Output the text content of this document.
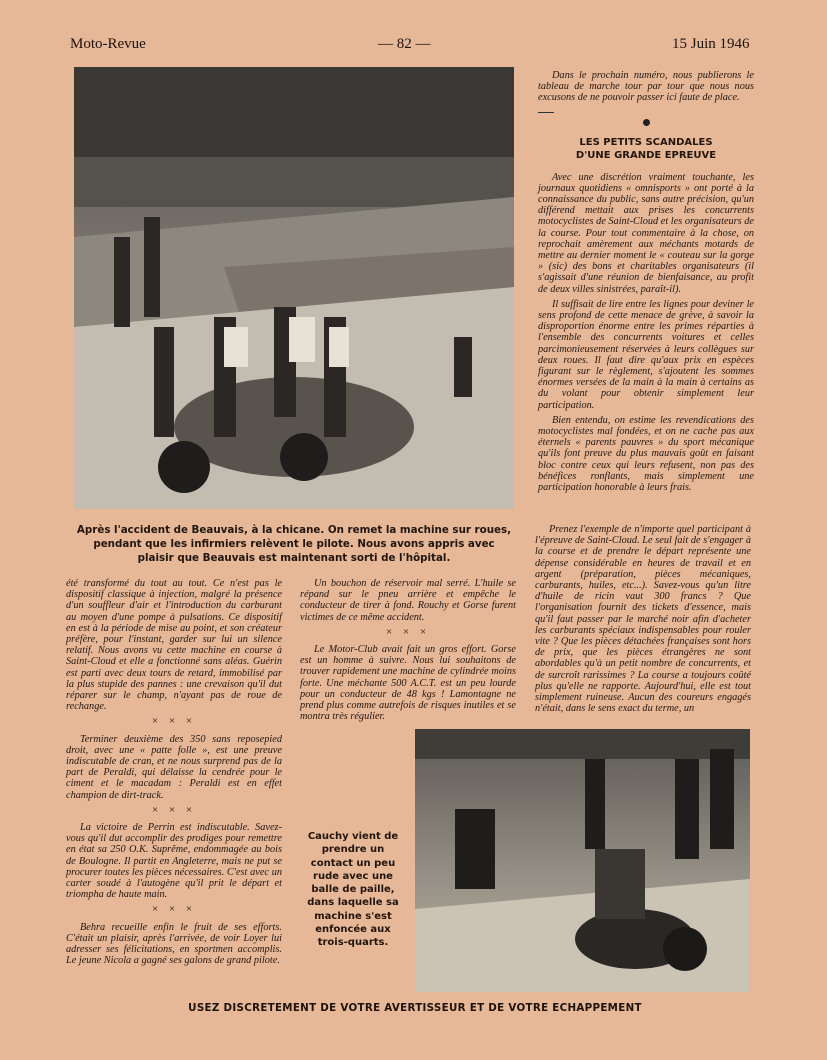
Moto-Revue	— 82 —	15 Juin 1946
Après l'accident de Beauvais, à la chicane. On remet la machine sur roues, pendant que les infirmiers relèvent le pilote. Nous avons appris avec plaisir que Beauvais est maintenant sorti de l'hôpital.

Dans le prochain numéro, nous publierons le tableau de marche tour par tour que nous nous excusons de ne pouvoir passer ici faute de place.

LES PETITS SCANDALES
D'UNE GRANDE EPREUVE

Avec une discrétion vraiment touchante, les journaux quotidiens « omnisports » ont porté à la connaissance du public, sans autre précision, qu'un différend mettait aux prises les concurrents motocyclistes de Saint-Cloud et les organisateurs de la course. Pour tout commentaire à la chose, on reprochait amèrement aux méchants motards de mettre au dernier moment le « couteau sur la gorge » (sic) des bons et charitables organisateurs (il s'agissait d'une réunion de bienfaisance, au profit de deux villes sinistrées, paraît-il).

Il suffisait de lire entre les lignes pour deviner le sens profond de cette menace de grève, à savoir la disproportion énorme entre les primes réparties à l'ensemble des concurrents voitures et celles parcimonieusement réservées à leurs collègues sur deux roues. Il faut dire qu'aux prix en espèces figurant sur le règlement, s'ajoutent les sommes énormes versées de la main à la main à certains as du volant pour obtenir simplement leur participation.

Bien entendu, on estime les revendications des motocyclistes mal fondées, et on ne cache pas aux éternels « parents pauvres » du sport mécanique qu'ils font preuve du plus mauvais goût en faisant bloc contre ceux qui leurs refusent, non pas des bénéfices ronflants, mais simplement une participation honorable à leurs frais.

été transformé du tout au tout. Ce n'est pas le dispositif classique à injection, malgré la présence d'un souffleur d'air et l'introduction du carburant au moyen d'une pompe à pulsations. Ce dispositif en est à la période de mise au point, et son créateur préfère, pour l'instant, garder sur lui un silence relatif. Nous avons vu cette machine en course à Saint-Cloud et elle a fonctionné sans aléas. Guérin est parti avec deux tours de retard, immobilisé par la plus stupide des pannes : une crevaison qu'il dut réparer sur le champ, n'ayant pas de roue de rechange.

× × ×

Terminer deuxième des 350 sans reposepied droit, avec une « patte folle », est une preuve indiscutable de cran, et ne nous surprend pas de la part de Peraldi, qui délaisse la cendrée pour le ciment et le macadam : Peraldi est en effet champion de dirt-track.

× × ×

La victoire de Perrin est indiscutable. Savez-vous qu'il dut accomplir des prodiges pour remettre en état sa 250 O.K. Suprême, endommagée au bois de Boulogne. Il partit en Angleterre, mais ne put se procurer toutes les pièces nécessaires. C'est avec un carter soudé à l'autogène qu'il prit le départ et triompha de haute main.

× × ×

Behra recueille enfin le fruit de ses efforts. C'était un plaisir, après l'arrivée, de voir Loyer lui adresser ses félicitations, en sportmen accomplis. Le jeune Nicola a gagné ses galons de grand pilote.

Un bouchon de réservoir mal serré. L'huile se répand sur le pneu arrière et empêche le conducteur de tirer à fond. Rouchy et Gorse furent victimes de ce même accident.

× × ×

Le Motor-Club avait fait un gros effort. Gorse est un homme à suivre. Nous lui souhaitons de trouver rapidement une machine de cylindrée moins forte. Une méchante 500 A.C.T. est un peu lourde pour un conducteur de 48 kgs ! Lamontagne ne prend plus comme autrefois de risques inutiles et se montra très régulier.

Prenez l'exemple de n'importe quel participant à l'épreuve de Saint-Cloud. Le seul fait de s'engager à la course et de prendre le départ représente une dépense considérable en heures de travail et en argent (préparation, pièces mécaniques, carburants, huiles, etc...). Savez-vous qu'un litre d'huile de ricin vaut 300 francs ? Que l'organisation fournit des tickets d'essence, mais qu'il faut passer par le marché noir afin d'acheter les carburants spéciaux indispensables pour rouler vite ? Que les pièces détachées françaises sont hors de prix, que les pièces étrangères ne sont abordables qu'à un petit nombre de concurrents, et de surcroît rarissimes ? La course a toujours coûté plus qu'elle ne rapporte. Aujourd'hui, elle est tout simplement ruineuse. Aucun des coureurs engagés n'était, dans le sens exact du terme, un

Cauchy vient de prendre un contact un peu rude avec une balle de paille, dans laquelle sa machine s'est enfoncée aux trois-quarts.
USEZ DISCRETEMENT DE VOTRE AVERTISSEUR ET DE VOTRE ECHAPPEMENT
